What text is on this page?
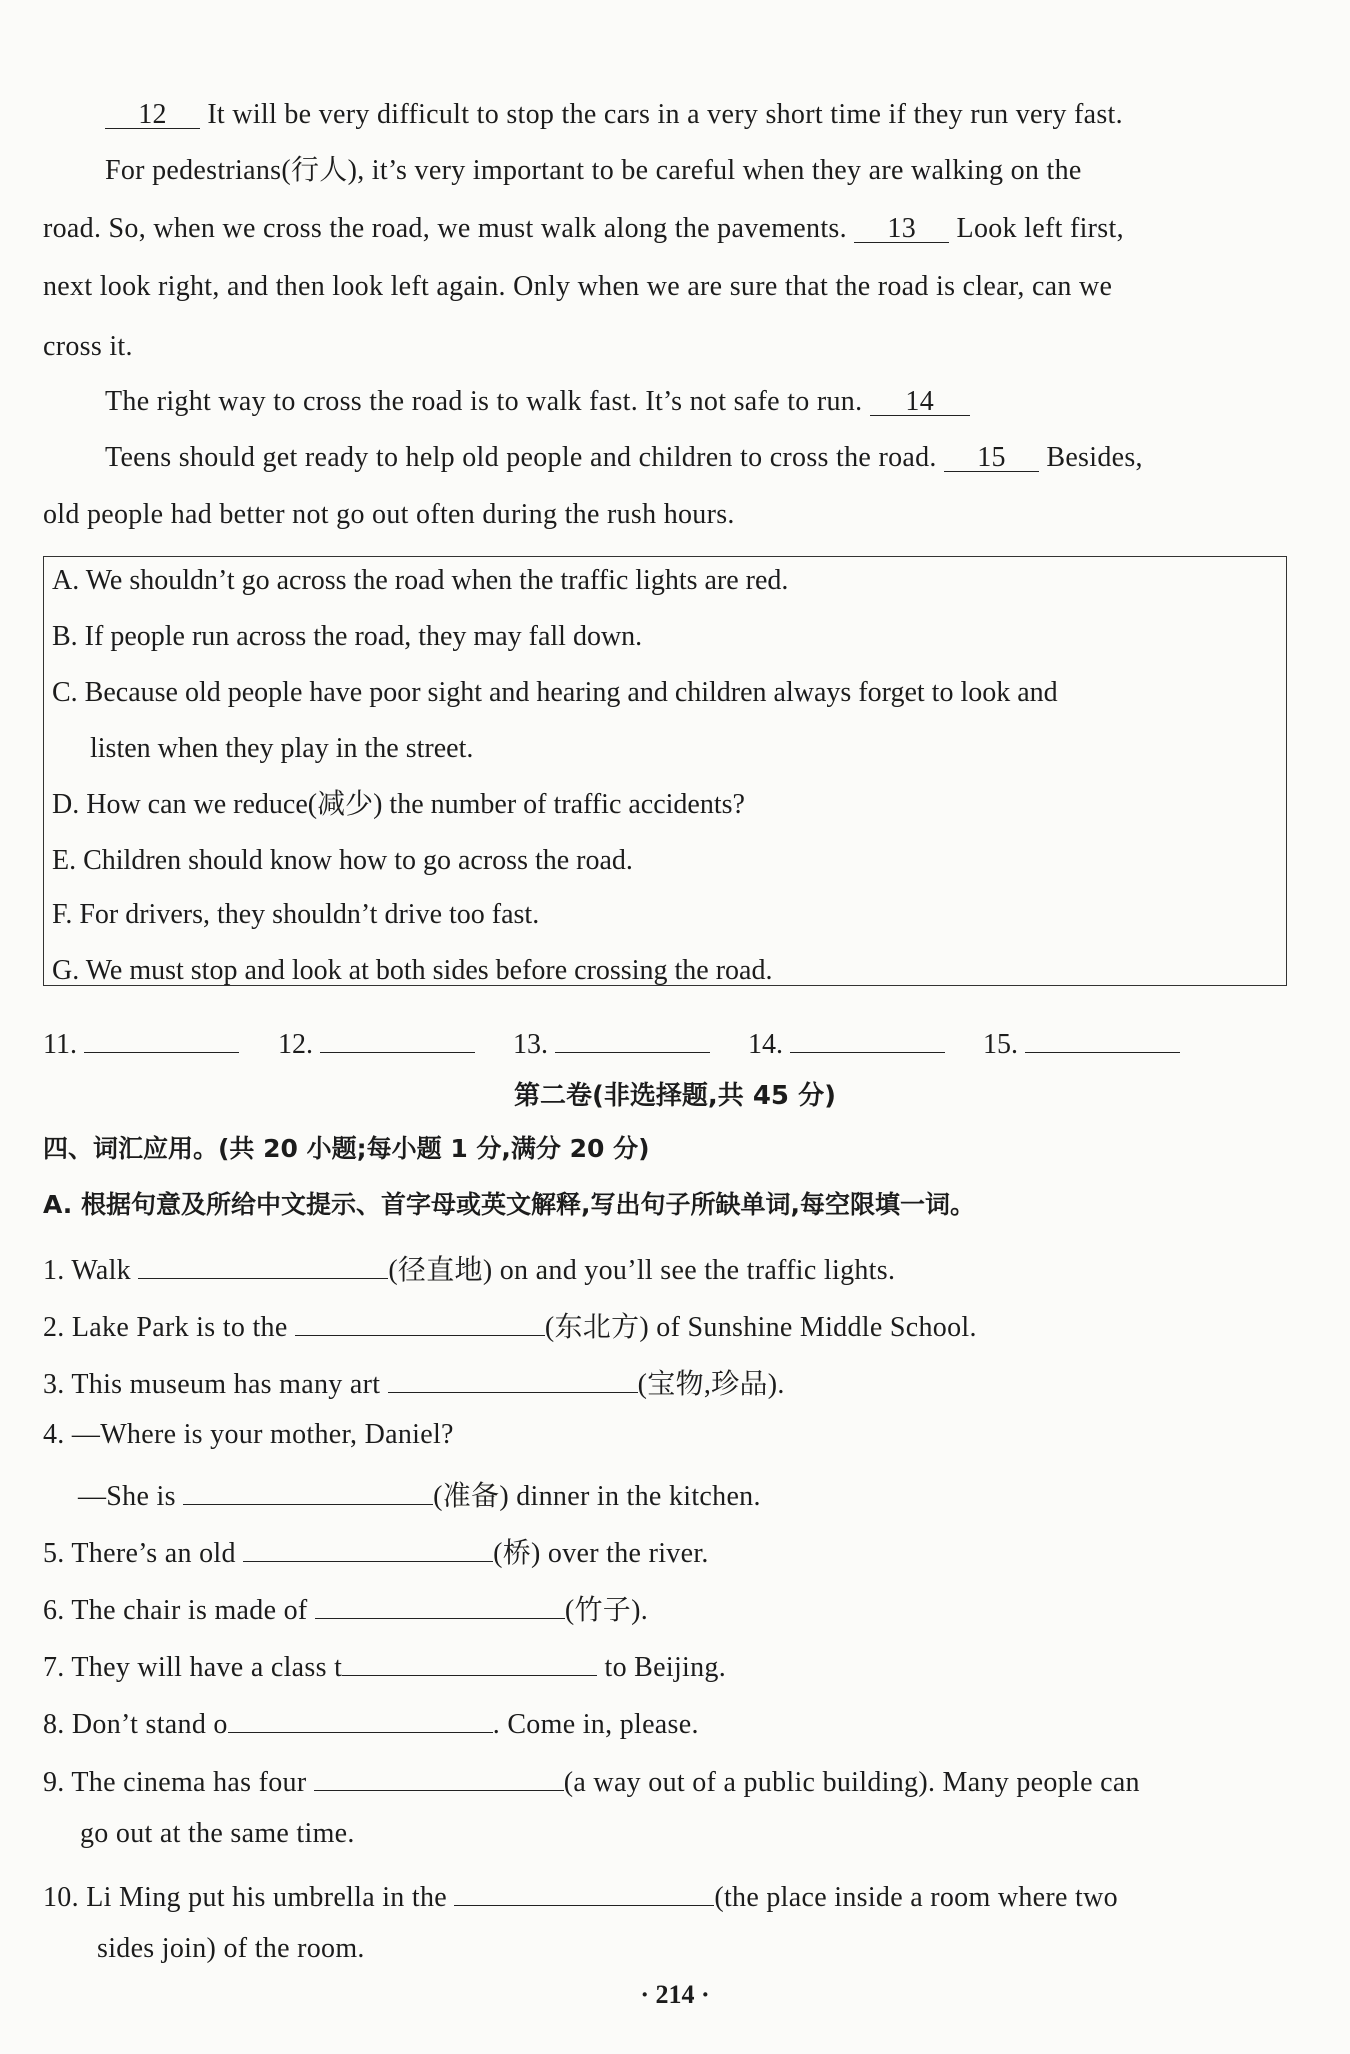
12 It will be very difficult to stop the cars in a very short time if they run very fast.
For pedestrians(行人), it’s very important to be careful when they are walking on the
road. So, when we cross the road, we must walk along the pavements. 13 Look left first,
next look right, and then look left again. Only when we are sure that the road is clear, can we
cross it.
The right way to cross the road is to walk fast. It’s not safe to run. 14
Teens should get ready to help old people and children to cross the road. 15 Besides,
old people had better not go out often during the rush hours.
A. We shouldn’t go across the road when the traffic lights are red.
B. If people run across the road, they may fall down.
C. Because old people have poor sight and hearing and children always forget to look and
listen when they play in the street.
D. How can we reduce(减少) the number of traffic accidents?
E. Children should know how to go across the road.
F. For drivers, they shouldn’t drive too fast.
G. We must stop and look at both sides before crossing the road.
11.	12.	13.	14.	15.
第二卷(非选择题,共 45 分)
四、词汇应用。(共 20 小题;每小题 1 分,满分 20 分)
A. 根据句意及所给中文提示、首字母或英文解释,写出句子所缺单词,每空限填一词。
1. Walk	(径直地) on and you’ll see the traffic lights.
2. Lake Park is to the	(东北方) of Sunshine Middle School.
3. This museum has many art	(宝物,珍品).
4. —Where is your mother, Daniel?
—She is	(准备) dinner in the kitchen.
5. There’s an old	(桥) over the river.
6. The chair is made of	(竹子).
7. They will have a class t	to Beijing.
8. Don’t stand o	. Come in, please.
9. The cinema has four	(a way out of a public building). Many people can
go out at the same time.
10. Li Ming put his umbrella in the	(the place inside a room where two
sides join) of the room.
· 214 ·
